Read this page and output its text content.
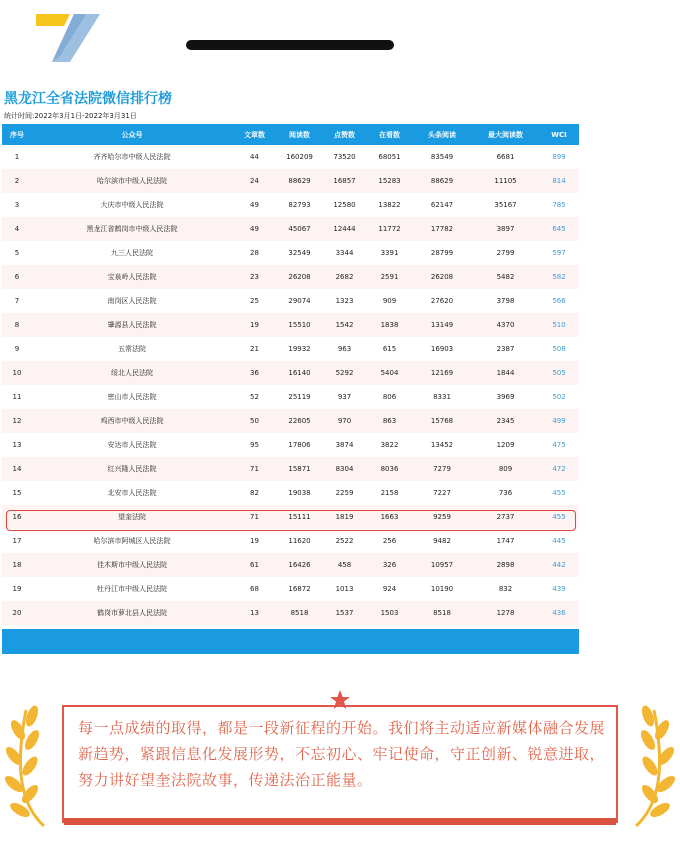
黑龙江全省法院微信排行榜
统计时间:2022年3月1日-2022年3月31日
序号	公众号	文章数	阅读数	点赞数	在看数	头条阅读	最大阅读数	WCI
1	齐齐哈尔市中级人民法院	44	160209	73520	68051	83549	6681	899
2	哈尔滨市中级人民法院	24	88629	16857	15283	88629	11105	814
3	大庆市中级人民法院	49	82793	12580	13822	62147	35167	785
4	黑龙江省鹤岗市中级人民法院	49	45067	12444	11772	17782	3897	645
5	九三人民法院	28	32549	3344	3391	28799	2799	597
6	宝泉岭人民法院	23	26208	2682	2591	26208	5482	582
7	南岗区人民法院	25	29074	1323	909	27620	3798	566
8	肇源县人民法院	19	15510	1542	1838	13149	4370	510
9	五常法院	21	19932	963	615	16903	2387	508
10	绥北人民法院	36	16140	5292	5404	12169	1844	505
11	密山市人民法院	52	25119	937	806	8331	3969	502
12	鸡西市中级人民法院	50	22605	970	863	15768	2345	499
13	安达市人民法院	95	17806	3874	3822	13452	1209	475
14	红兴隆人民法院	71	15871	8304	8036	7279	809	472
15	北安市人民法院	82	19038	2259	2158	7227	736	455
16	望奎法院	71	15111	1819	1663	9259	2737	455
17	哈尔滨市阿城区人民法院	19	11620	2522	256	9482	1747	445
18	佳木斯市中级人民法院	61	16426	458	326	10957	2898	442
19	牡丹江市中级人民法院	68	16872	1013	924	10190	832	439
20	鹤岗市萝北县人民法院	13	8518	1537	1503	8518	1278	436
每一点成绩的取得，都是一段新征程的开始。我们将主动适应新媒体融合发展新趋势，紧跟信息化发展形势，不忘初心、牢记使命，守正创新、锐意进取，努力讲好望奎法院故事，传递法治正能量。
